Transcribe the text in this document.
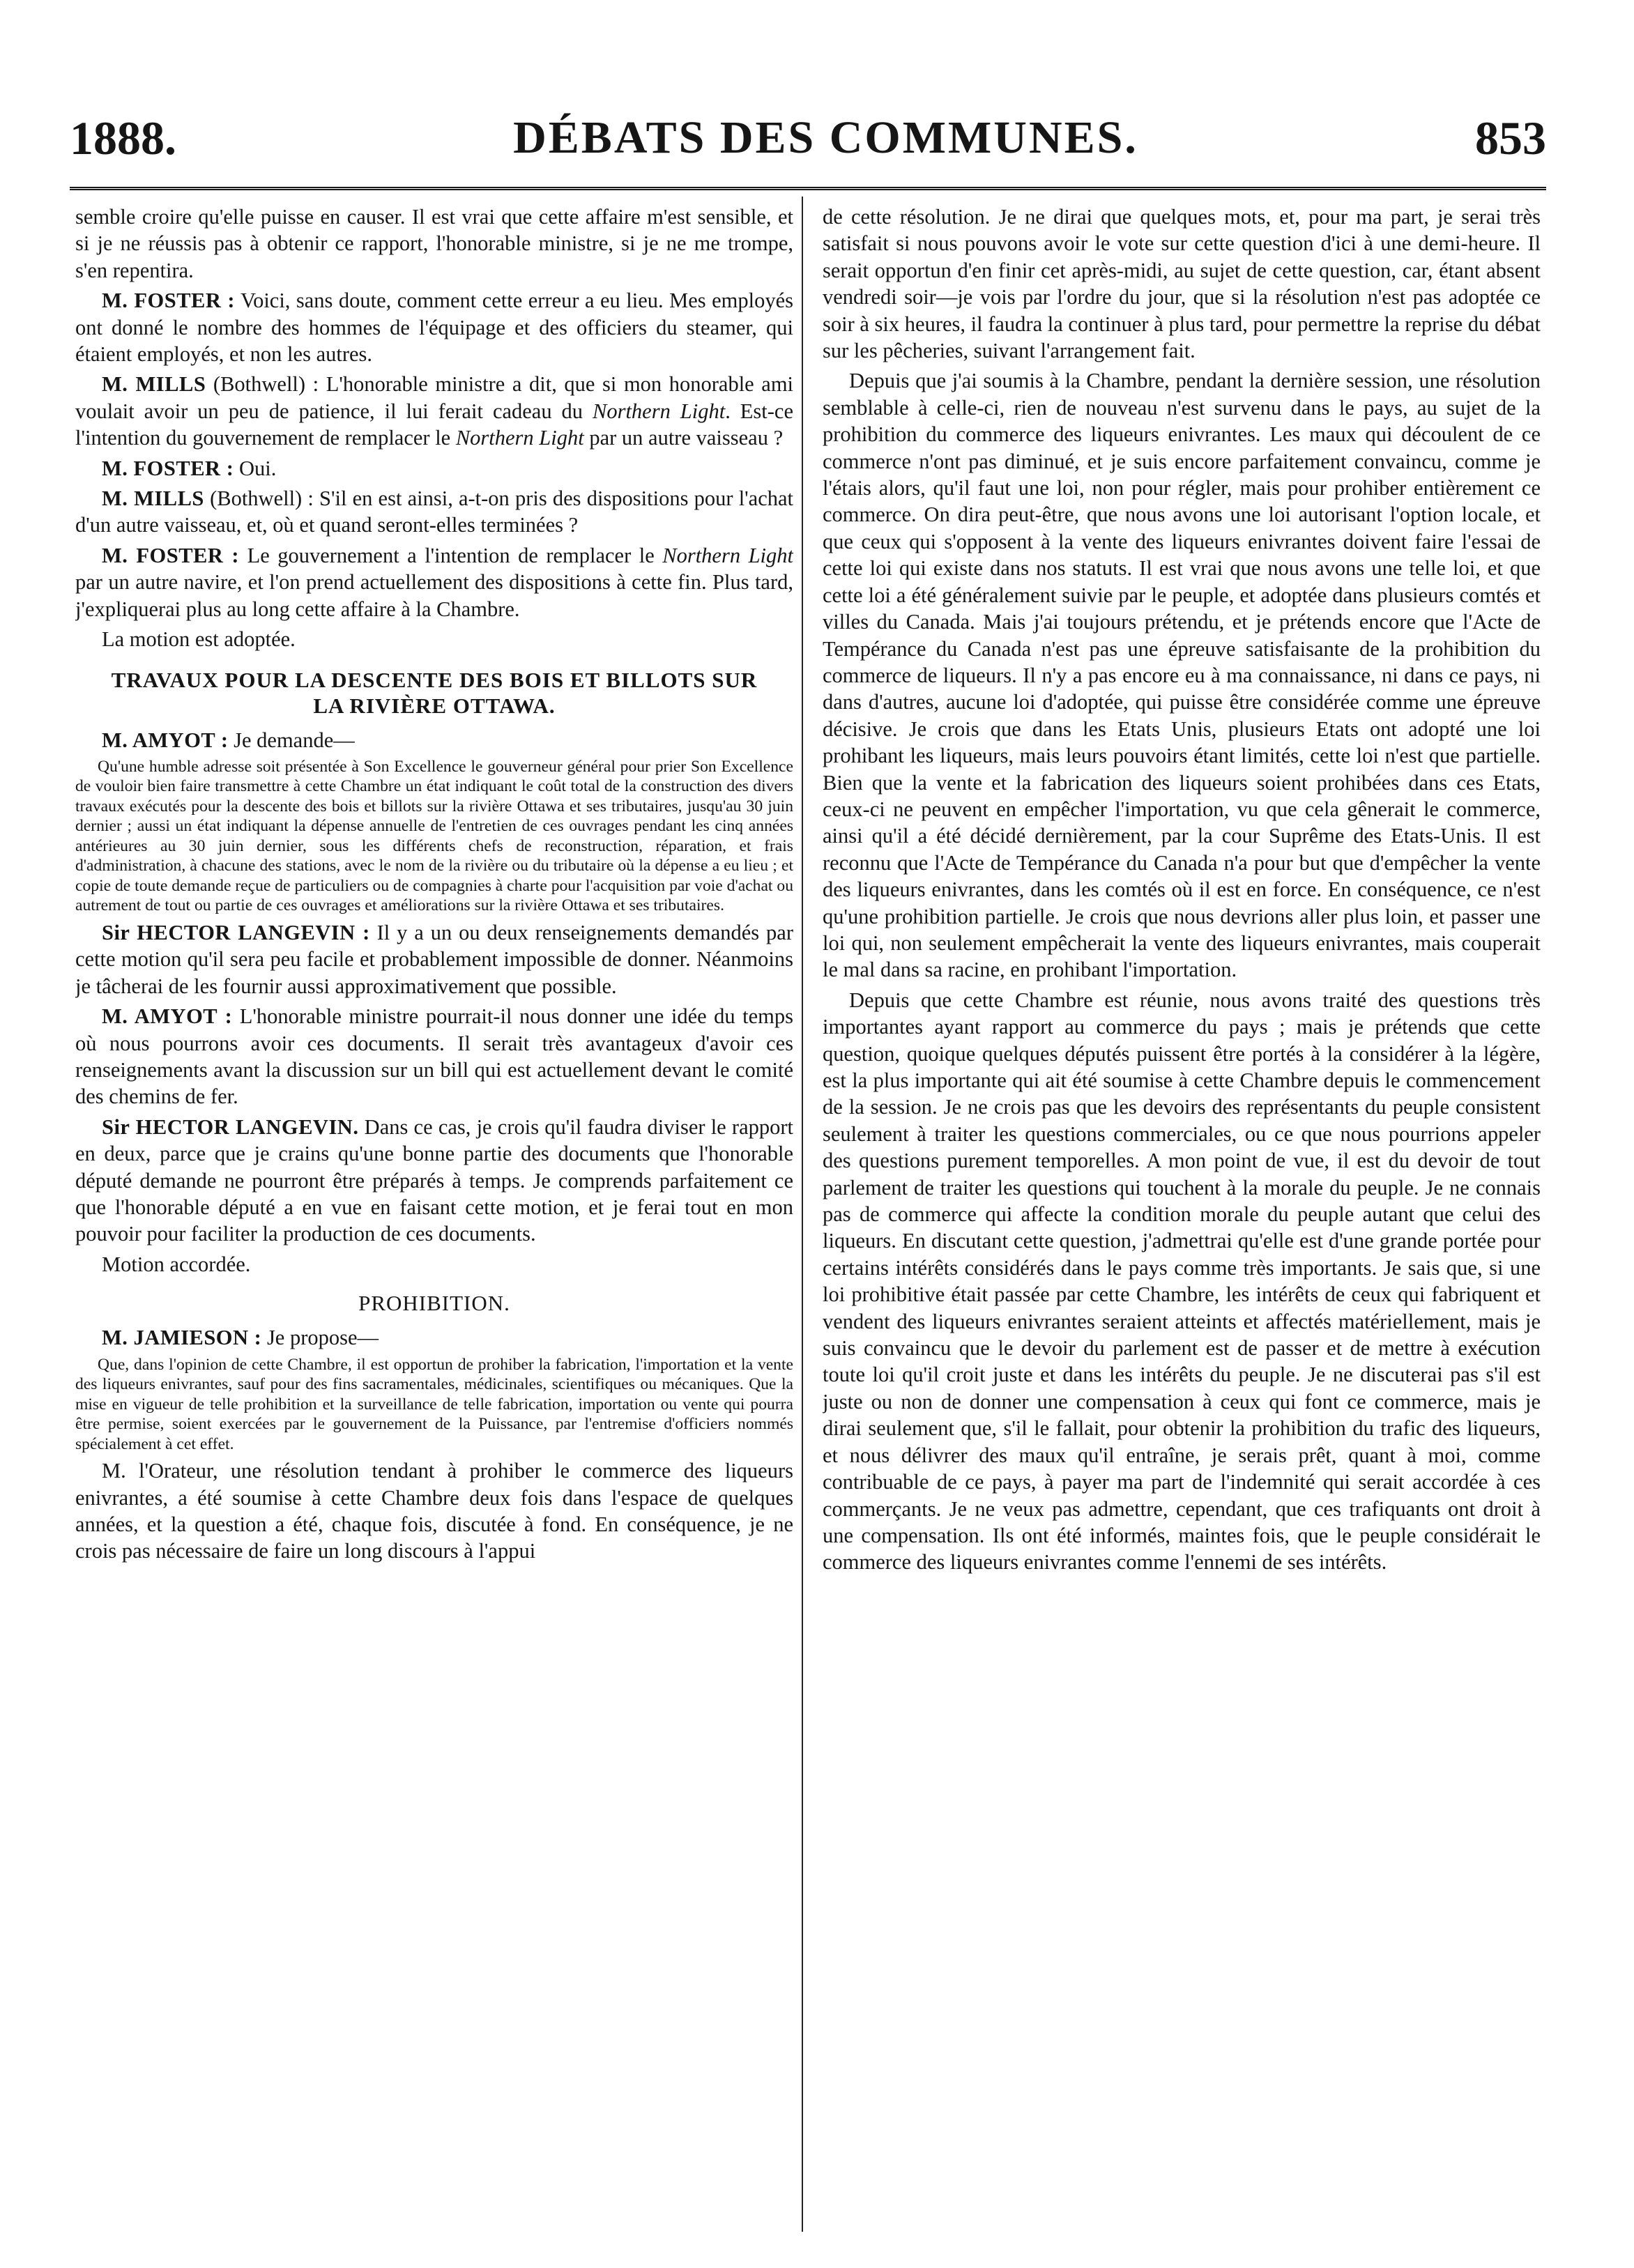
1888.	DÉBATS DES COMMUNES.	853

semble croire qu'elle puisse en causer. Il est vrai que cette affaire m'est sensible, et si je ne réussis pas à obtenir ce rapport, l'honorable ministre, si je ne me trompe, s'en repentira.

M. FOSTER : Voici, sans doute, comment cette erreur a eu lieu. Mes employés ont donné le nombre des hommes de l'équipage et des officiers du steamer, qui étaient employés, et non les autres.

M. MILLS (Bothwell) : L'honorable ministre a dit, que si mon honorable ami voulait avoir un peu de patience, il lui ferait cadeau du Northern Light. Est-ce l'intention du gouvernement de remplacer le Northern Light par un autre vaisseau ?

M. FOSTER : Oui.

M. MILLS (Bothwell) : S'il en est ainsi, a-t-on pris des dispositions pour l'achat d'un autre vaisseau, et, où et quand seront-elles terminées ?

M. FOSTER : Le gouvernement a l'intention de remplacer le Northern Light par un autre navire, et l'on prend actuellement des dispositions à cette fin. Plus tard, j'expliquerai plus au long cette affaire à la Chambre.

La motion est adoptée.

TRAVAUX POUR LA DESCENTE DES BOIS ET BILLOTS SUR LA RIVIÈRE OTTAWA.

M. AMYOT : Je demande—

Qu'une humble adresse soit présentée à Son Excellence le gouverneur général pour prier Son Excellence de vouloir bien faire transmettre à cette Chambre un état indiquant le coût total de la construction des divers travaux exécutés pour la descente des bois et billots sur la rivière Ottawa et ses tributaires, jusqu'au 30 juin dernier ; aussi un état indiquant la dépense annuelle de l'entretien de ces ouvrages pendant les cinq années antérieures au 30 juin dernier, sous les différents chefs de reconstruction, réparation, et frais d'administration, à chacune des stations, avec le nom de la rivière ou du tributaire où la dépense a eu lieu ; et copie de toute demande reçue de particuliers ou de compagnies à charte pour l'acquisition par voie d'achat ou autrement de tout ou partie de ces ouvrages et améliorations sur la rivière Ottawa et ses tributaires.

Sir HECTOR LANGEVIN : Il y a un ou deux renseignements demandés par cette motion qu'il sera peu facile et probablement impossible de donner. Néanmoins je tâcherai de les fournir aussi approximativement que possible.

M. AMYOT : L'honorable ministre pourrait-il nous donner une idée du temps où nous pourrons avoir ces documents. Il serait très avantageux d'avoir ces renseignements avant la discussion sur un bill qui est actuellement devant le comité des chemins de fer.

Sir HECTOR LANGEVIN. Dans ce cas, je crois qu'il faudra diviser le rapport en deux, parce que je crains qu'une bonne partie des documents que l'honorable député demande ne pourront être préparés à temps. Je comprends parfaitement ce que l'honorable député a en vue en faisant cette motion, et je ferai tout en mon pouvoir pour faciliter la production de ces documents.

Motion accordée.

PROHIBITION.

M. JAMIESON : Je propose—

Que, dans l'opinion de cette Chambre, il est opportun de prohiber la fabrication, l'importation et la vente des liqueurs enivrantes, sauf pour des fins sacramentales, médicinales, scientifiques ou mécaniques. Que la mise en vigueur de telle prohibition et la surveillance de telle fabrication, importation ou vente qui pourra être permise, soient exercées par le gouvernement de la Puissance, par l'entremise d'officiers nommés spécialement à cet effet.

M. l'Orateur, une résolution tendant à prohiber le commerce des liqueurs enivrantes, a été soumise à cette Chambre deux fois dans l'espace de quelques années, et la question a été, chaque fois, discutée à fond. En conséquence, je ne crois pas nécessaire de faire un long discours à l'appui

de cette résolution. Je ne dirai que quelques mots, et, pour ma part, je serai très satisfait si nous pouvons avoir le vote sur cette question d'ici à une demi-heure. Il serait opportun d'en finir cet après-midi, au sujet de cette question, car, étant absent vendredi soir—je vois par l'ordre du jour, que si la résolution n'est pas adoptée ce soir à six heures, il faudra la continuer à plus tard, pour permettre la reprise du débat sur les pêcheries, suivant l'arrangement fait.

Depuis que j'ai soumis à la Chambre, pendant la dernière session, une résolution semblable à celle-ci, rien de nouveau n'est survenu dans le pays, au sujet de la prohibition du commerce des liqueurs enivrantes. Les maux qui découlent de ce commerce n'ont pas diminué, et je suis encore parfaitement convaincu, comme je l'étais alors, qu'il faut une loi, non pour régler, mais pour prohiber entièrement ce commerce. On dira peut-être, que nous avons une loi autorisant l'option locale, et que ceux qui s'opposent à la vente des liqueurs enivrantes doivent faire l'essai de cette loi qui existe dans nos statuts. Il est vrai que nous avons une telle loi, et que cette loi a été généralement suivie par le peuple, et adoptée dans plusieurs comtés et villes du Canada. Mais j'ai toujours prétendu, et je prétends encore que l'Acte de Tempérance du Canada n'est pas une épreuve satisfaisante de la prohibition du commerce de liqueurs. Il n'y a pas encore eu à ma connaissance, ni dans ce pays, ni dans d'autres, aucune loi d'adoptée, qui puisse être considérée comme une épreuve décisive. Je crois que dans les Etats Unis, plusieurs Etats ont adopté une loi prohibant les liqueurs, mais leurs pouvoirs étant limités, cette loi n'est que partielle. Bien que la vente et la fabrication des liqueurs soient prohibées dans ces Etats, ceux-ci ne peuvent en empêcher l'importation, vu que cela gênerait le commerce, ainsi qu'il a été décidé dernièrement, par la cour Suprême des Etats-Unis. Il est reconnu que l'Acte de Tempérance du Canada n'a pour but que d'empêcher la vente des liqueurs enivrantes, dans les comtés où il est en force. En conséquence, ce n'est qu'une prohibition partielle. Je crois que nous devrions aller plus loin, et passer une loi qui, non seulement empêcherait la vente des liqueurs enivrantes, mais couperait le mal dans sa racine, en prohibant l'importation.

Depuis que cette Chambre est réunie, nous avons traité des questions très importantes ayant rapport au commerce du pays ; mais je prétends que cette question, quoique quelques députés puissent être portés à la considérer à la légère, est la plus importante qui ait été soumise à cette Chambre depuis le commencement de la session. Je ne crois pas que les devoirs des représentants du peuple consistent seulement à traiter les questions commerciales, ou ce que nous pourrions appeler des questions purement temporelles. A mon point de vue, il est du devoir de tout parlement de traiter les questions qui touchent à la morale du peuple. Je ne connais pas de commerce qui affecte la condition morale du peuple autant que celui des liqueurs. En discutant cette question, j'admettrai qu'elle est d'une grande portée pour certains intérêts considérés dans le pays comme très importants. Je sais que, si une loi prohibitive était passée par cette Chambre, les intérêts de ceux qui fabriquent et vendent des liqueurs enivrantes seraient atteints et affectés matériellement, mais je suis convaincu que le devoir du parlement est de passer et de mettre à exécution toute loi qu'il croit juste et dans les intérêts du peuple. Je ne discuterai pas s'il est juste ou non de donner une compensation à ceux qui font ce commerce, mais je dirai seulement que, s'il le fallait, pour obtenir la prohibition du trafic des liqueurs, et nous délivrer des maux qu'il entraîne, je serais prêt, quant à moi, comme contribuable de ce pays, à payer ma part de l'indemnité qui serait accordée à ces commerçants. Je ne veux pas admettre, cependant, que ces trafiquants ont droit à une compensation. Ils ont été informés, maintes fois, que le peuple considérait le commerce des liqueurs enivrantes comme l'ennemi de ses intérêts.
